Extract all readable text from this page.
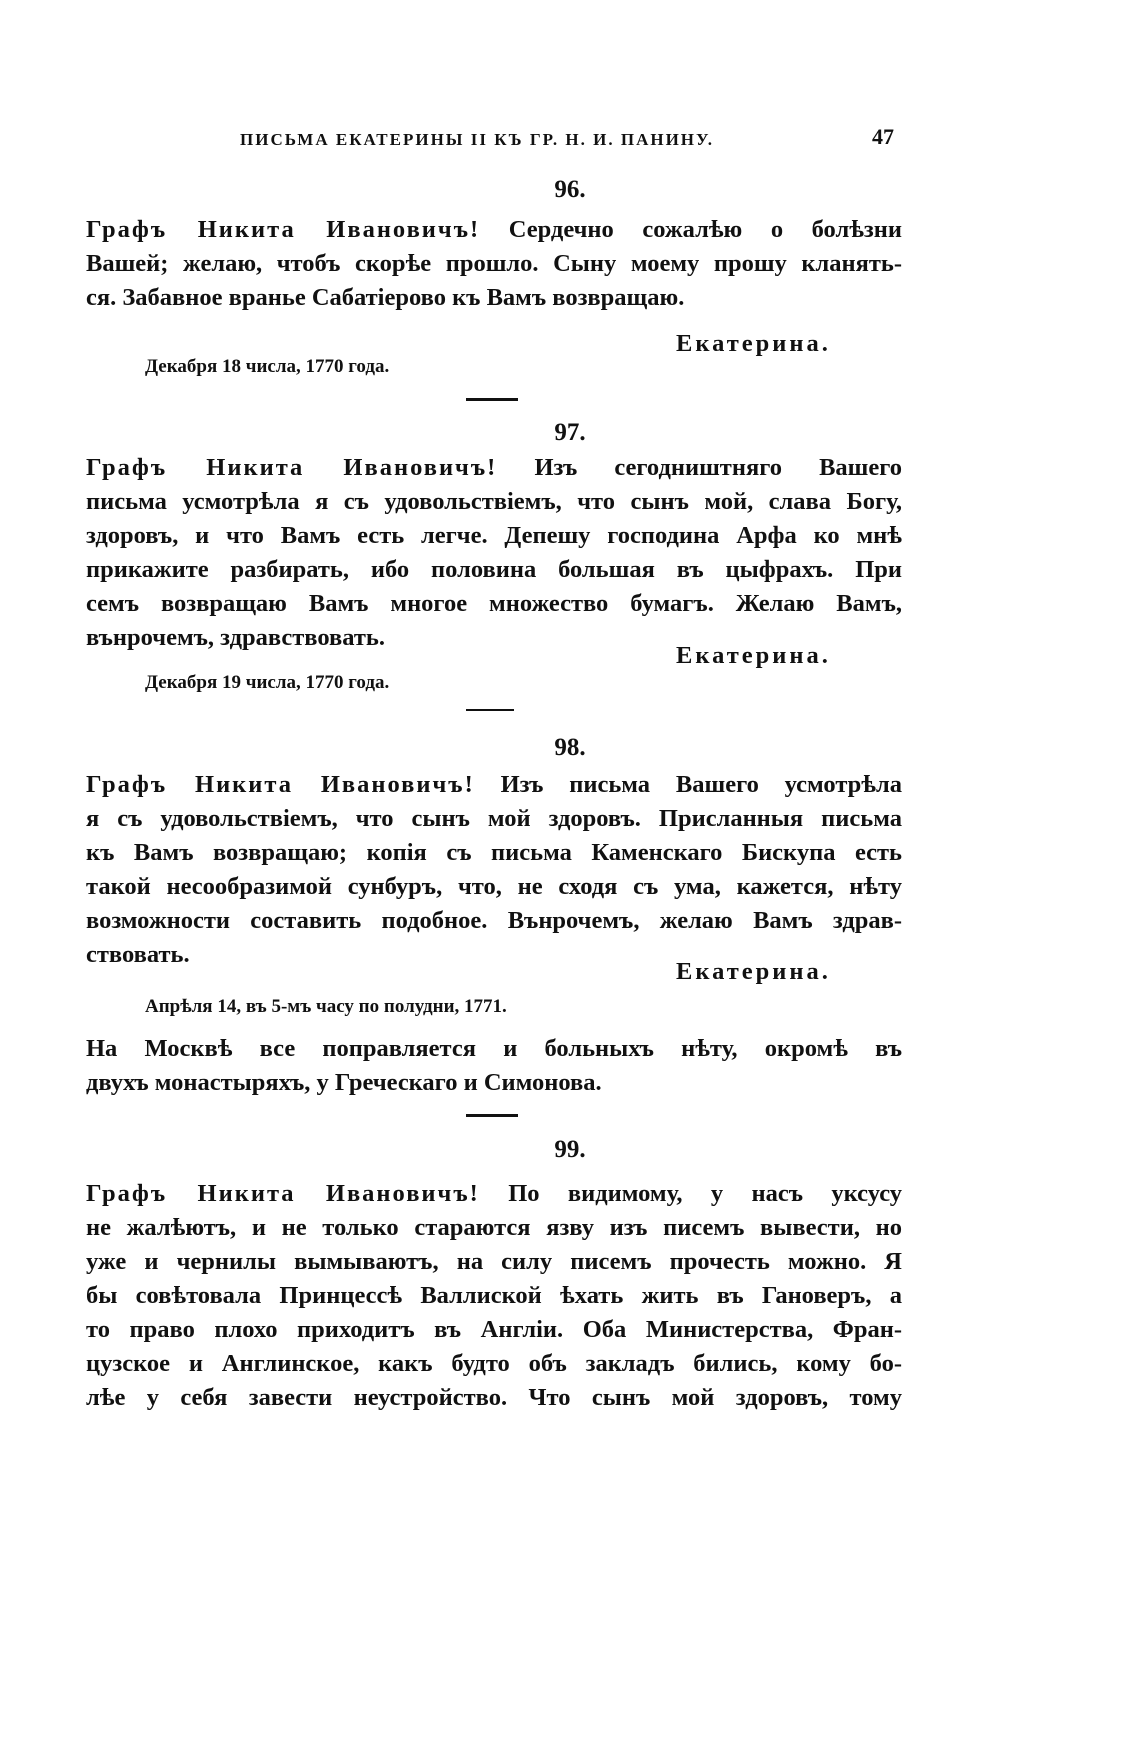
ПИСЬМА ЕКАТЕРИНЫ II КЪ ГР. Н. И. ПАНИНУ.	47
96.
Графъ Никита Ивановичъ! Сердечно сожалѣю о болѣзни
Вашей; желаю, чтобъ скорѣе прошло. Сыну моему прошу кланять-
ся. Забавное вранье Сабатіерово къ Вамъ возвращаю.
Екатерина.
Декабря 18 числа, 1770 года.
97.
Графъ Никита Ивановичъ! Изъ сегодништняго Вашего
письма усмотрѣла я съ удовольствіемъ, что сынъ мой, слава Богу,
здоровъ, и что Вамъ есть легче. Депешу господина Арфа ко мнѣ
прикажите разбирать, ибо половина большая въ цыфрахъ. При
семъ возвращаю Вамъ многое множество бумагъ. Желаю Вамъ,
вънрочемъ, здравствовать.
Екатерина.
Декабря 19 числа, 1770 года.
98.
Графъ Никита Ивановичъ! Изъ письма Вашего усмотрѣла
я съ удовольствіемъ, что сынъ мой здоровъ. Присланныя письма
къ Вамъ возвращаю; копія съ письма Каменскаго Бискупа есть
такой несообразимой сунбуръ, что, не сходя съ ума, кажется, нѣту
возможности составить подобное. Вънрочемъ, желаю Вамъ здрав-
ствовать.
Екатерина.
Апрѣля 14, въ 5-мъ часу по полудни, 1771.
На Москвѣ все поправляется и больныхъ нѣту, окромѣ въ
двухъ монастыряхъ, у Греческаго и Симонова.
99.
Графъ Никита Ивановичъ! По видимому, у насъ уксусу
не жалѣютъ, и не только стараются язву изъ писемъ вывести, но
уже и чернилы вымываютъ, на силу писемъ прочесть можно. Я
бы совѣтовала Принцессѣ Валлиской ѣхать жить въ Гановеръ, а
то право плохо приходитъ въ Англіи. Оба Министерства, Фран-
цузское и Англинское, какъ будто объ закладъ бились, кому бо-
лѣе у себя завести неустройство. Что сынъ мой здоровъ, тому
